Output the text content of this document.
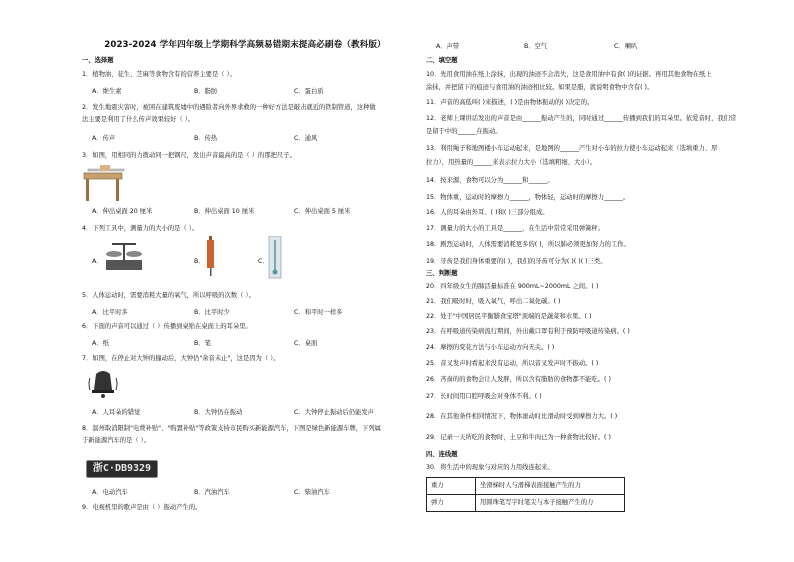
2023-2024 学年四年级上学期科学高频易错期末提高必刷卷（教科版）
一、选择题
1．植物油、花生、芝麻等食物含有的营养主要是（ ）。
A．维生素	B．脂肪	C．蛋白质
2．发生地震灾害时，被困在建筑废墟中的遇险者向外界求救的一种好方法是敲击就近的铁制管道，这种做
法主要是利用了什么传声效果较好（ ）。
A．传声	B．传热	C．通风
3．如图，用相同的力拨动同一把钢尺，发出声音最高的是（ ）的那把尺子。
A．伸出桌面 20 厘米	B．伸出桌面 10 厘米	C．伸出桌面 5 厘米
4．下列工具中，测量力的大小的是（ ）。
A．	B．	C．
5．人体运动时，需要消耗大量的氧气，所以呼吸的次数（ ）。
A．比平时多	B．比平时少	C．和平时一样多
6．下面的声音可以通过（ ）传播到桌贴在桌面上的耳朵里。
A．纸	B．笔	C．桌面
7．如图，在停止对大钟的撞动后，大钟仍"余音未止"，这是因为（ ）。
A．人耳朵的错觉	B．大钟仍在振动	C．大钟停止振动后仍能发声
8．温州取消限制"电费补贴"、"购置补贴"等政策支持市民购买新能源汽车，下图是绿色新能源车牌，下列属
于新能源汽车的是（ ）。
浙C·DB9329
A．电动汽车	B．汽油汽车	C．柴油汽车
9．电视机里的歌声是由（ ）振动产生的。
A．声带	B．空气	C．喇叭
二、填空题
10．先用食用油在纸上涂抹，出现的油迹不会消失，这是食用油中有食( )的证据。再用其他食物在纸上
涂抹，并把留下的痕迹与食用油的油迹相比较。如果是脂，就说明食物中含有( )。
11．声音的高低叫( )来描述，( )是由物体振动的( )决定的。
12．老师上课讲话发出的声音是由______振动产生的，同时通过______传播到我们的耳朵里。依爱音时，我们常
是留于中的______在振动。
13．利用绳子和地图楼小车运动起来，是地图的______产生对小车的拉力使小车运动起来（选填重力、厚
拉力），用热量的______来表示拉力大小（选填粗细、大小）。
14．按来源，食物可以分为______和______。
15．物体重，运动时的摩擦力______，物体轻，运动时的摩擦力______。
16．人的耳朵由外耳、( )和( )三部分组成。
17．测量力的大小的工具是______，在生活中常常采用弹簧秤。
18．剧烈运动时，人体需要消耗更多的( )，所以肺必须更加努力的工作。
19．牙齿是我们身体重要的( )，我们的牙齿可分为( )( )( )三类。
三、判断题
20．四年级女生的肺活量标准在 900mL~2000mL 之间。( )
21．我们吸时时，吸入氧气，呼出二氧化碳。( )
22．处于"中国居民平衡膳食宝塔"顶端的是蔬菜和水果。( )
23．在呼吸道传染病流行期间，外出戴口罩有利于预防呼吸道传染病。( )
24．摩擦的变花方法与小车运动方向无关。( )
25．音叉发声时看起来没有运动，所以音叉发声时不振动。( )
26．吝啬的的食物会让人发胖，所以含有脂肪的食物都不能吃。( )
27．长时间用口腔呼吸会对身体不利。( )
28．在其他条件相同情况下，物体滚动时比滑动时受到摩擦力大。( )
29．记录一天所吃的食物时，土豆和牛肉已为一种食物比较好。( )
四、连线题
30．将生活中的现象与对应的力用线连起来。
重力	坐滑梯时人与滑梯表面接触产生的力
弹力	用圆珠笔写字时笔尖与本子接触产生的力
